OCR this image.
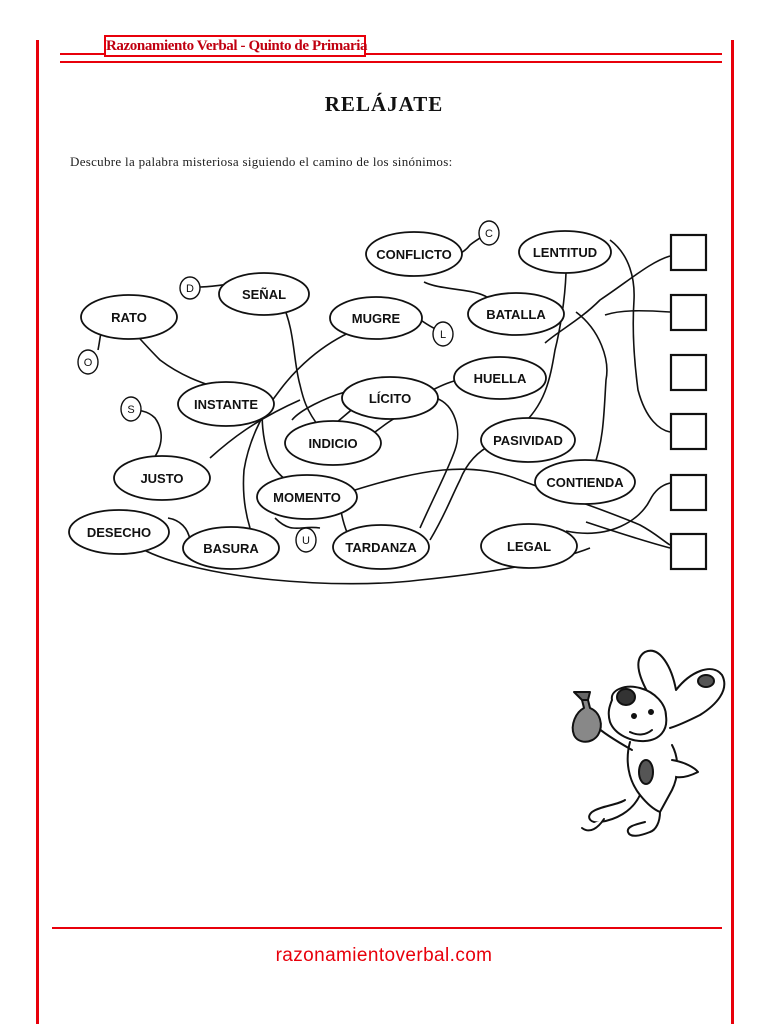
Razonamiento Verbal - Quinto de Primaria
RELÁJATE
Descubre la palabra misteriosa siguiendo el camino de los sinónimos:
CONFLICTO	LENTITUD
SEÑAL
RATO	MUGRE	BATALLA
HUELLA
LÍCITO
INSTANTE
INDICIO	PASIVIDAD
JUSTO	CONTIENDA
MOMENTO
DESECHO
BASURA	TARDANZA	LEGAL
C
D
L
O
S
U
razonamientoverbal.com
